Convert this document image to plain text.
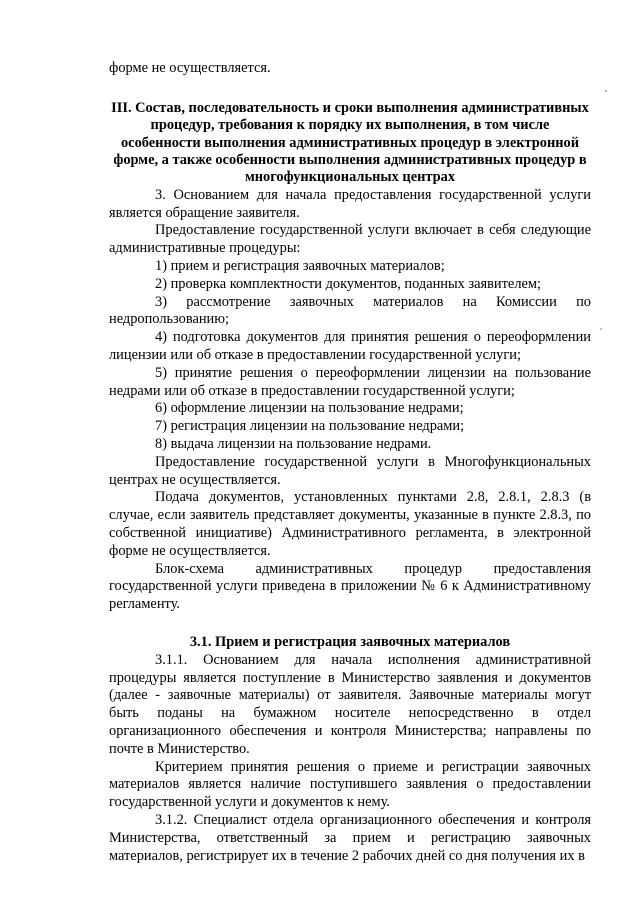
форме не осуществляется.

III. Состав, последовательность и сроки выполнения административных процедур, требования к порядку их выполнения, в том числе особенности выполнения административных процедур в электронной форме, а также особенности выполнения административных процедур в многофункциональных центрах

3. Основанием для начала предоставления государственной услуги является обращение заявителя.

Предоставление государственной услуги включает в себя следующие административные процедуры:

1) прием и регистрация заявочных материалов;

2) проверка комплектности документов, поданных заявителем;

3) рассмотрение заявочных материалов на Комиссии по недропользованию;

4) подготовка документов для принятия решения о переоформлении лицензии или об отказе в предоставлении государственной услуги;

5) принятие решения о переоформлении лицензии на пользование недрами или об отказе в предоставлении государственной услуги;

6) оформление лицензии на пользование недрами;

7) регистрация лицензии на пользование недрами;

8) выдача лицензии на пользование недрами.

Предоставление государственной услуги в Многофункциональных центрах не осуществляется.

Подача документов, установленных пунктами 2.8, 2.8.1, 2.8.3 (в случае, если заявитель представляет документы, указанные в пункте 2.8.3, по собственной инициативе) Административного регламента, в электронной форме не осуществляется.

Блок-схема административных процедур предоставления государственной услуги приведена в приложении № 6 к Административному регламенту.

3.1. Прием и регистрация заявочных материалов

3.1.1. Основанием для начала исполнения административной процедуры является поступление в Министерство заявления и документов (далее - заявочные материалы) от заявителя. Заявочные материалы могут быть поданы на бумажном носителе непосредственно в отдел организационного обеспечения и контроля Министерства; направлены по почте в Министерство.

Критерием принятия решения о приеме и регистрации заявочных материалов является наличие поступившего заявления о предоставлении государственной услуги и документов к нему.

3.1.2. Специалист отдела организационного обеспечения и контроля Министерства, ответственный за прием и регистрацию заявочных материалов, регистрирует их в течение 2 рабочих дней со дня получения их в
